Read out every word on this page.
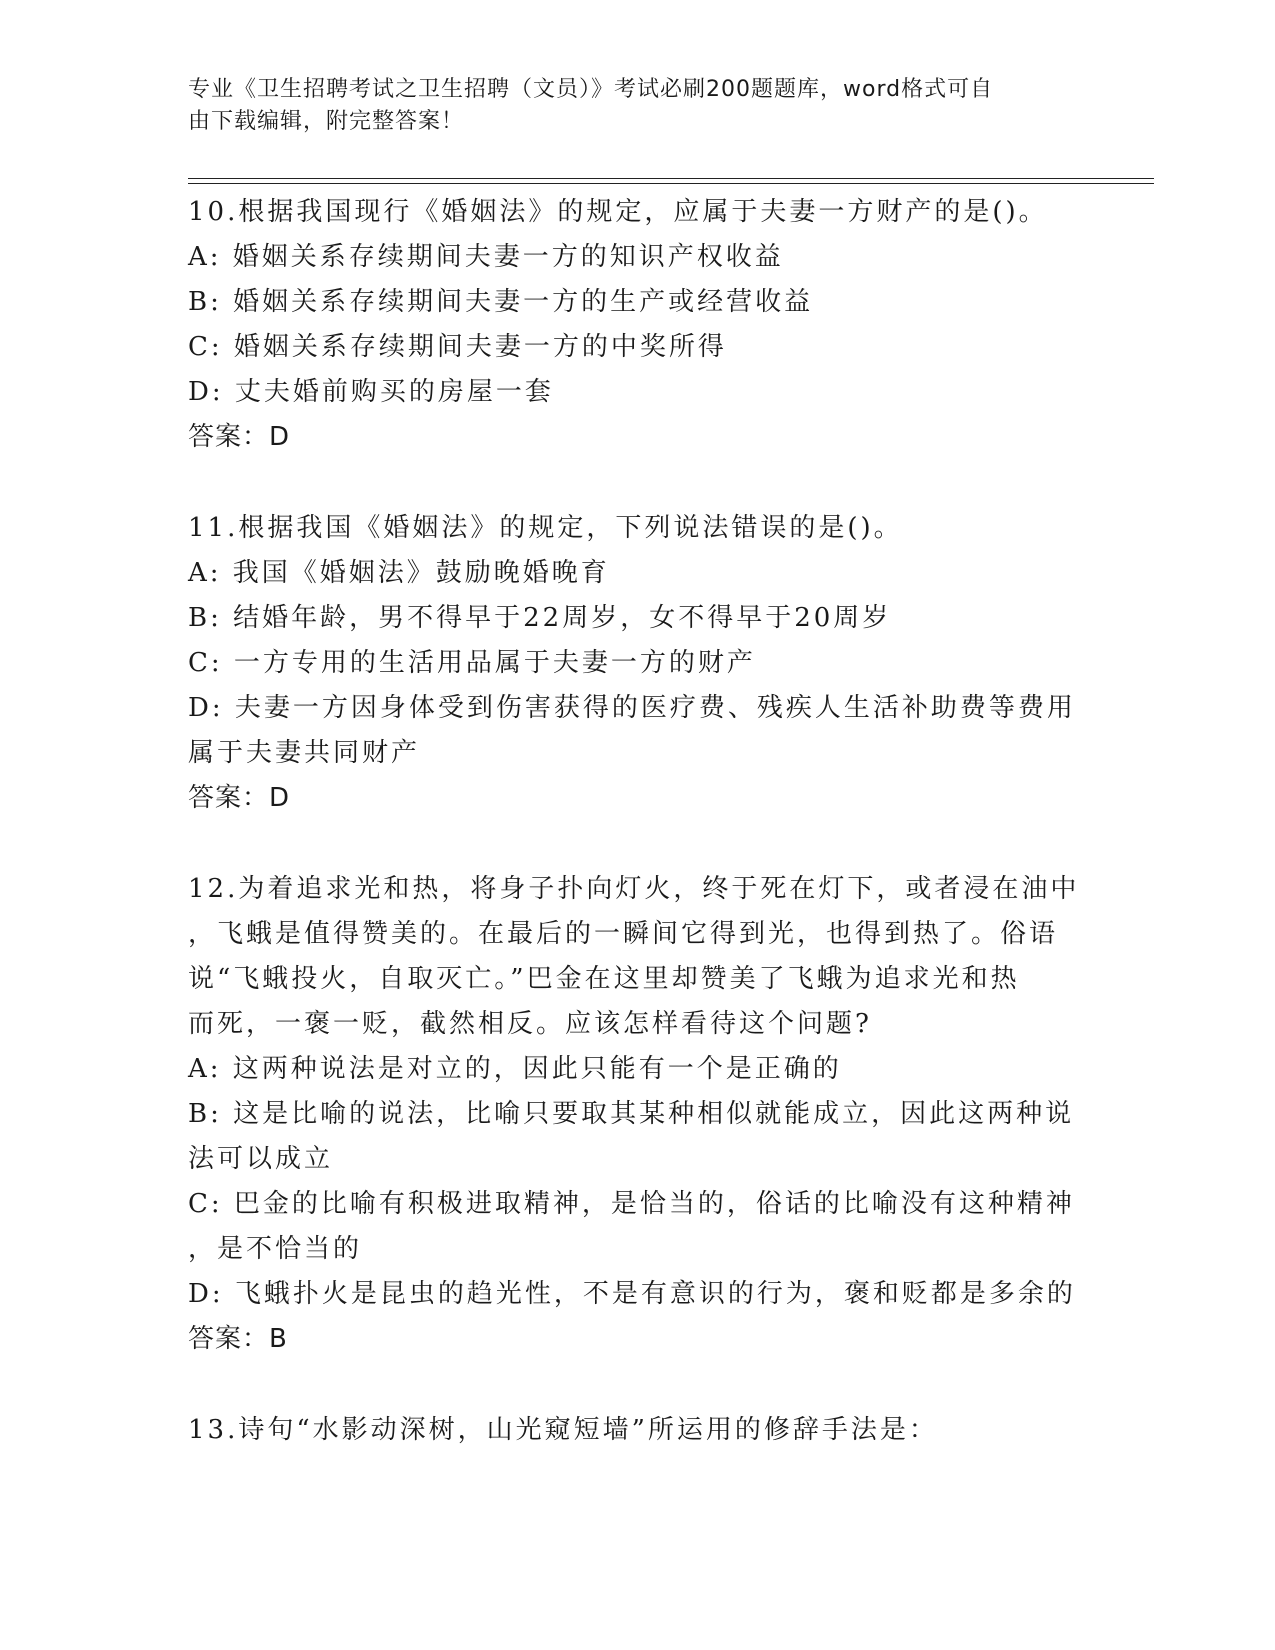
专业《卫生招聘考试之卫生招聘（文员）》考试必刷200题题库，word格式可自
由下载编辑，附完整答案！
10.根据我国现行《婚姻法》的规定，应属于夫妻一方财产的是()。
A: 婚姻关系存续期间夫妻一方的知识产权收益
B: 婚姻关系存续期间夫妻一方的生产或经营收益
C: 婚姻关系存续期间夫妻一方的中奖所得
D: 丈夫婚前购买的房屋一套
答案：D
11.根据我国《婚姻法》的规定，下列说法错误的是()。
A: 我国《婚姻法》鼓励晚婚晚育
B: 结婚年龄，男不得早于22周岁，女不得早于20周岁
C: 一方专用的生活用品属于夫妻一方的财产
D: 夫妻一方因身体受到伤害获得的医疗费、残疾人生活补助费等费用
属于夫妻共同财产
答案：D
12.为着追求光和热，将身子扑向灯火，终于死在灯下，或者浸在油中
，飞蛾是值得赞美的。在最后的一瞬间它得到光，也得到热了。俗语
说“飞蛾投火，自取灭亡。”巴金在这里却赞美了飞蛾为追求光和热
而死，一褒一贬，截然相反。应该怎样看待这个问题?
A: 这两种说法是对立的，因此只能有一个是正确的
B: 这是比喻的说法，比喻只要取其某种相似就能成立，因此这两种说
法可以成立
C: 巴金的比喻有积极进取精神，是恰当的，俗话的比喻没有这种精神
，是不恰当的
D: 飞蛾扑火是昆虫的趋光性，不是有意识的行为，褒和贬都是多余的
答案：B
13.诗句“水影动深树，山光窥短墙”所运用的修辞手法是：
